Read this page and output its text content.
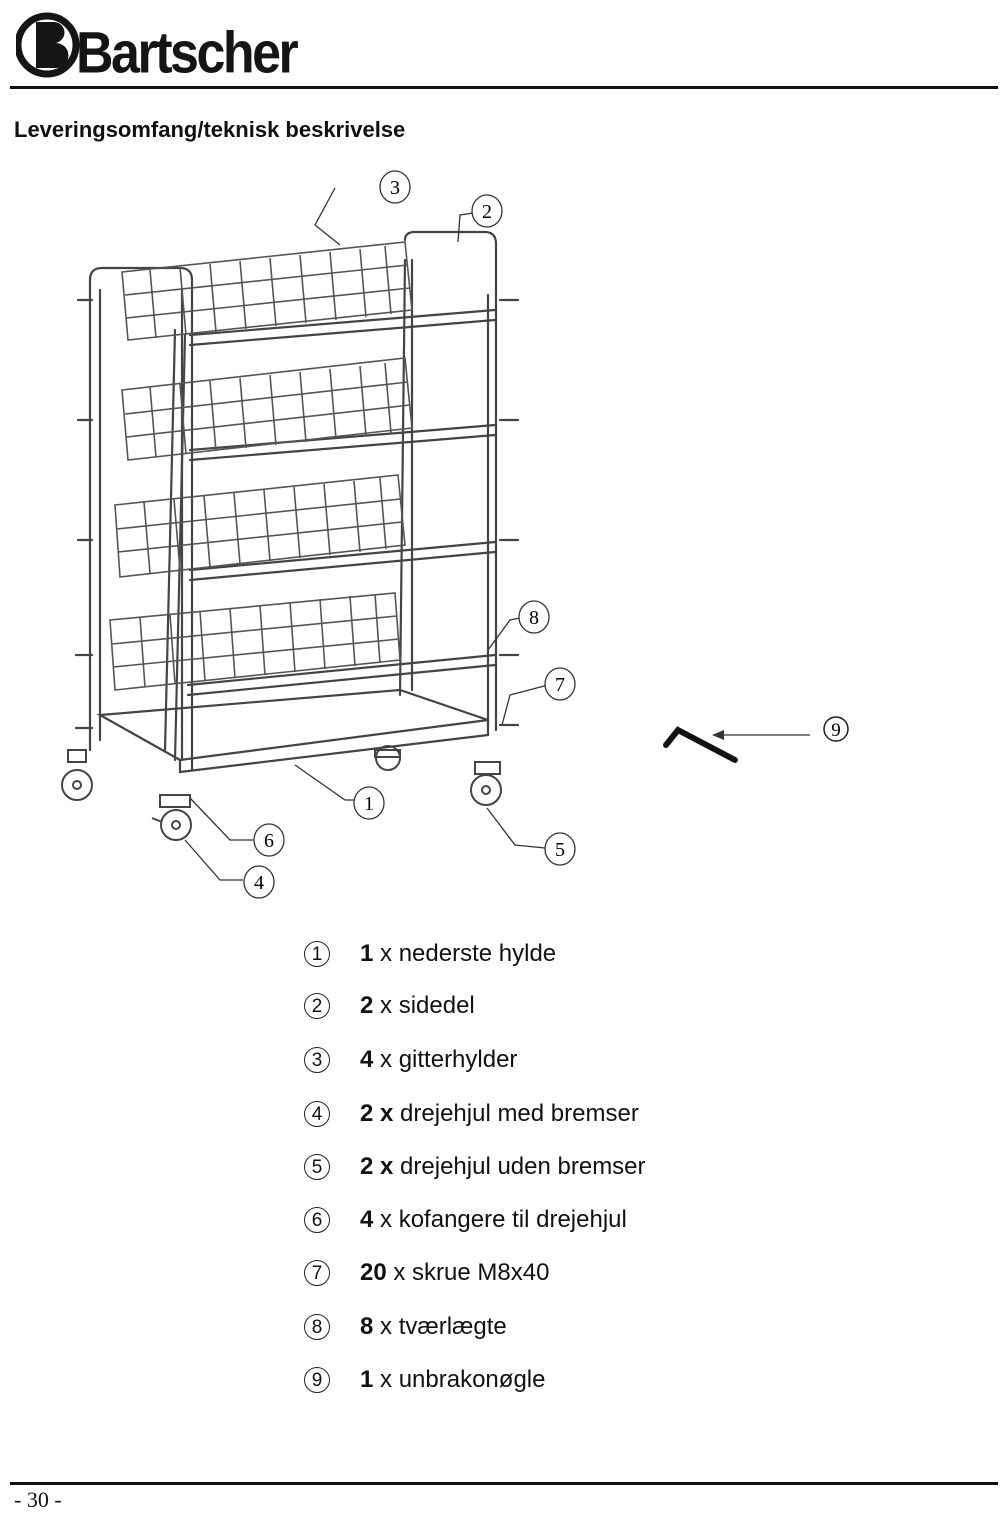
Bartscher
Leveringsomfang/teknisk beskrivelse
3
2
8
7
1
6	5
4
9
1 1 x nederste hylde
2 2 x sidedel
3 4 x gitterhylder
4 2 x drejehjul med bremser
5 2 x drejehjul uden bremser
6 4 x kofangere til drejehjul
7 20 x skrue M8x40
8 8 x tværlægte
9 1 x unbrakonøgle
- 30 -
